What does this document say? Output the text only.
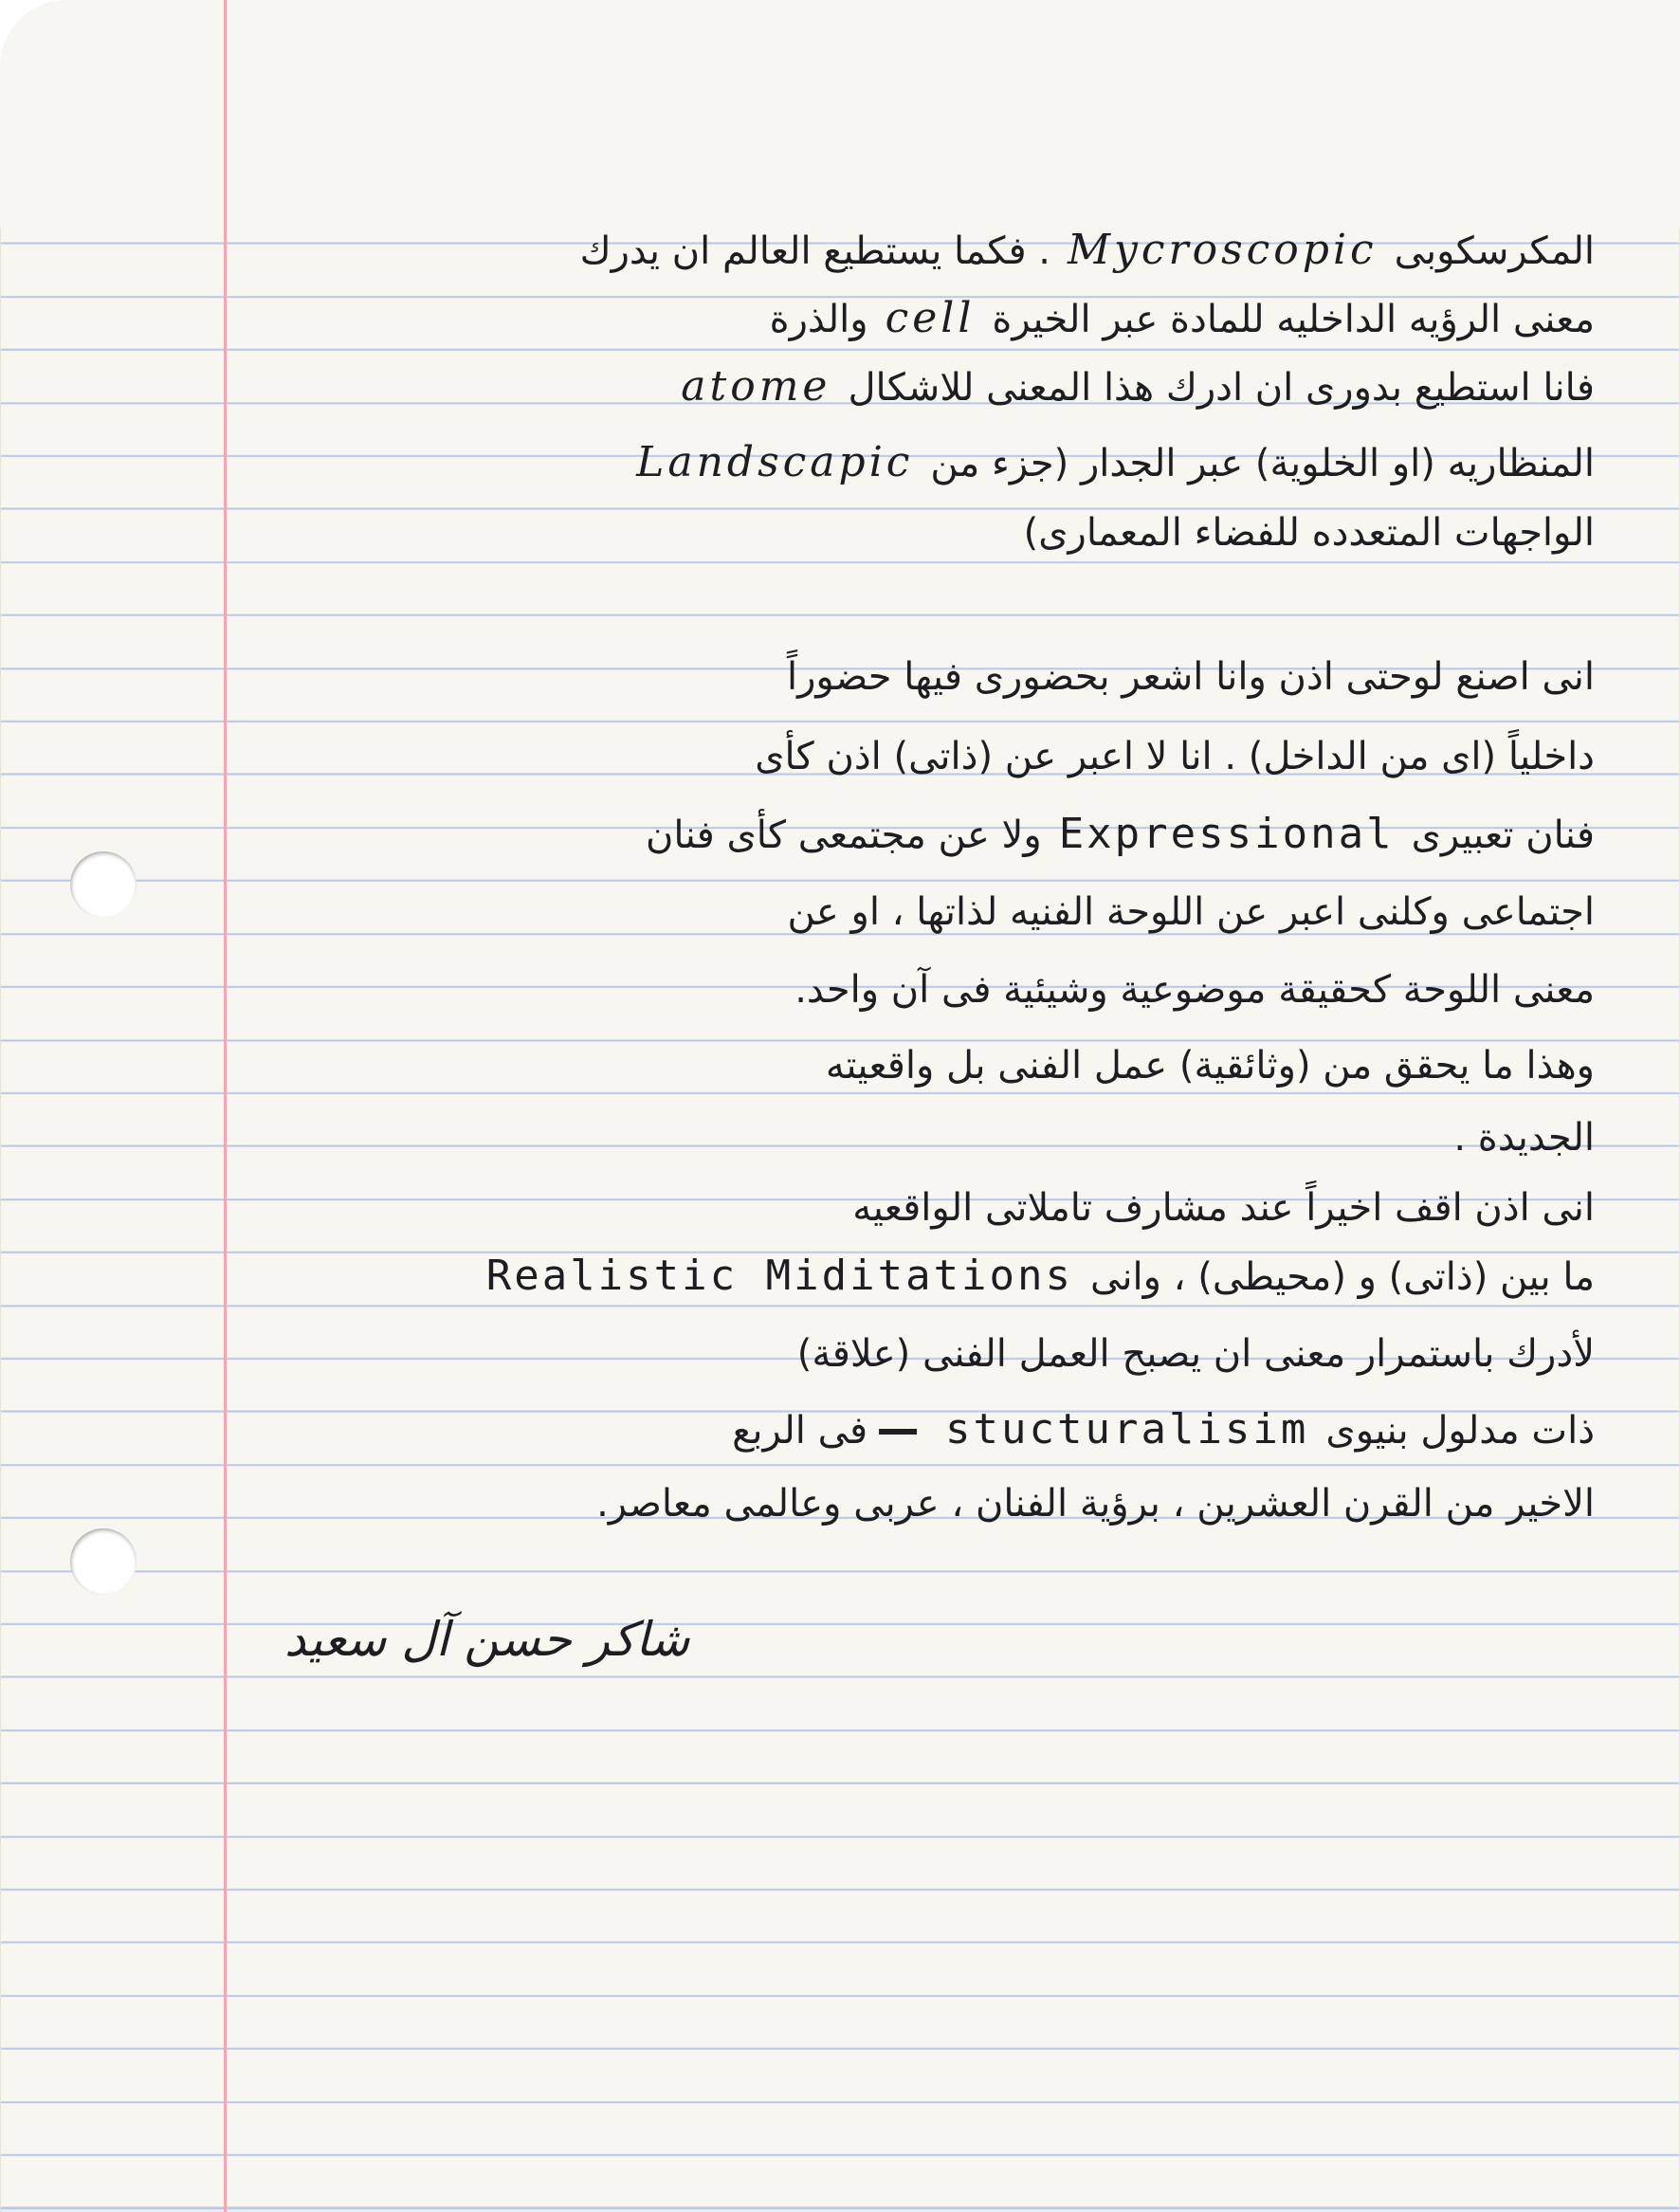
المكرسكوبىMycroscopic. فكما يستطيع العالم ان يدرك
معنى الرؤيه الداخليه للمادة عبر الخيرةcellوالذرة
فانا استطيع بدورى ان ادرك هذا المعنى للاشكالatome
المنظاريه (او الخلوية) عبر الجدار (جزء منLandscapic
الواجهات المتعدده للفضاء المعمارى)
انى اصنع لوحتى اذن وانا اشعر بحضورى فيها حضوراً
داخلياً (اى من الداخل) . انا لا اعبر عن (ذاتى) اذن كأى
فنان تعبيرىExpressionalولا عن مجتمعى كأى فنان
اجتماعى وكلنى اعبر عن اللوحة الفنيه لذاتها ، او عن
معنى اللوحة كحقيقة موضوعية وشيئية فى آن واحد.
وهذا ما يحقق من (وثائقية) عمل الفنى بل واقعيته
الجديدة .
انى اذن اقف اخيراً عند مشارف تاملاتى الواقعيه
ما بين (ذاتى) و (محيطى) ، وانىRealistic Miditations
لأدرك باستمرار معنى ان يصبح العمل الفنى (علاقة)
ذات مدلول بنيوىstucturalisim     فى الربع
الاخير من القرن العشرين ، برؤية الفنان ، عربى وعالمى معاصر.
شاكر حسن آل سعيد
